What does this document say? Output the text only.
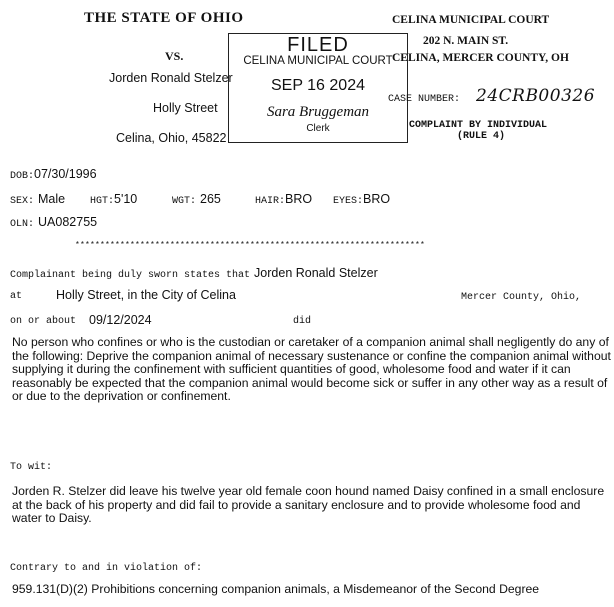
THE STATE OF OHIO	CELINA MUNICIPAL COURT
202 N. MAIN ST.
CELINA, MERCER COUNTY, OH
VS.
Jorden Ronald Stelzer
Holly Street
Celina, Ohio, 45822
FILED
CELINA MUNICIPAL COURT
SEP 16 2024
Sara Bruggeman
Clerk
CASE NUMBER: 24CRB00326
COMPLAINT BY INDIVIDUAL
(RULE 4)
DOB:07/30/1996
SEX: Male HGT:5'10	WGT: 265	HAIR:BRO EYES:BRO
OLN: UA082755
**********************************************************************
Complainant being duly sworn states that Jorden Ronald Stelzer
at	Holly Street, in the City of Celina	Mercer County, Ohio,
on or about 09/12/2024	did
No person who confines or who is the custodian or caretaker of a companion animal shall negligently do any of the following: Deprive the companion animal of necessary sustenance or confine the companion animal without supplying it during the confinement with sufficient quantities of good, wholesome food and water if it can reasonably be expected that the companion animal would become sick or suffer in any other way as a result of or due to the deprivation or confinement.
To wit:
Jorden R. Stelzer did leave his twelve year old female coon hound named Daisy confined in a small enclosure at the back of his property and did fail to provide a sanitary enclosure and to provide wholesome food and water to Daisy.
Contrary to and in violation of:
959.131(D)(2) Prohibitions concerning companion animals, a Misdemeanor of the Second Degree
